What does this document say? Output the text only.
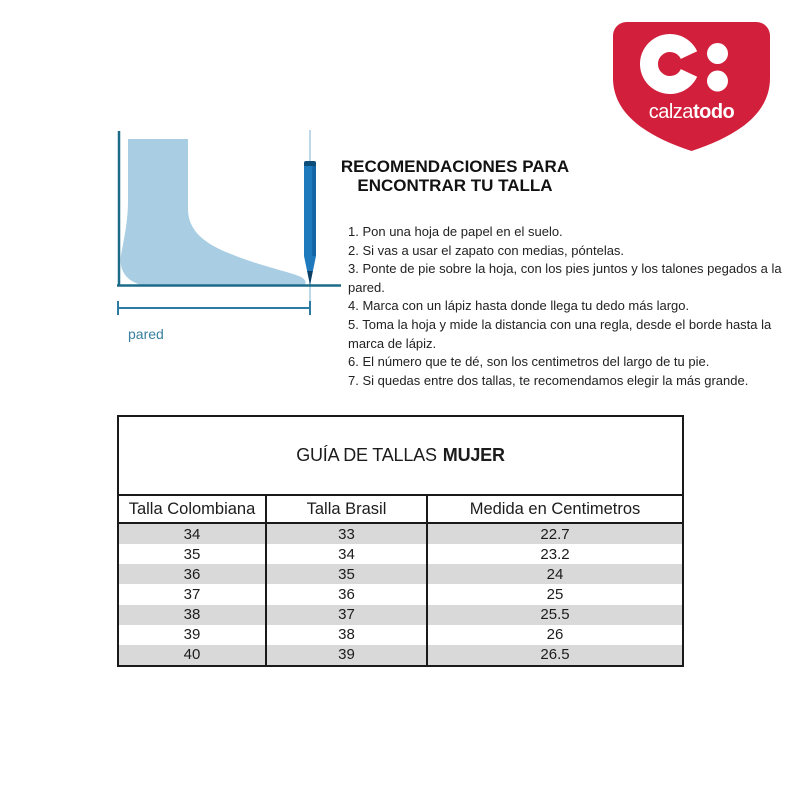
calzatodo
pared
RECOMENDACIONES PARA ENCONTRAR TU TALLA
1. Pon una hoja de papel en el suelo.
2. Si vas a usar el zapato con medias, póntelas.
3. Ponte de pie sobre la hoja, con los pies juntos y los talones pegados a la pared.
4. Marca con un lápiz hasta donde llega tu dedo más largo.
5. Toma la hoja y mide la distancia con una regla, desde el borde hasta la marca de lápiz.
6. El número que te dé, son los centimetros del largo de tu pie.
7. Si quedas entre dos tallas, te recomendamos elegir la más grande.
GUÍA DE TALLAS MUJER
Talla Colombiana	Talla Brasil	Medida en Centimetros
34	33	22.7
35	34	23.2
36	35	24
37	36	25
38	37	25.5
39	38	26
40	39	26.5
